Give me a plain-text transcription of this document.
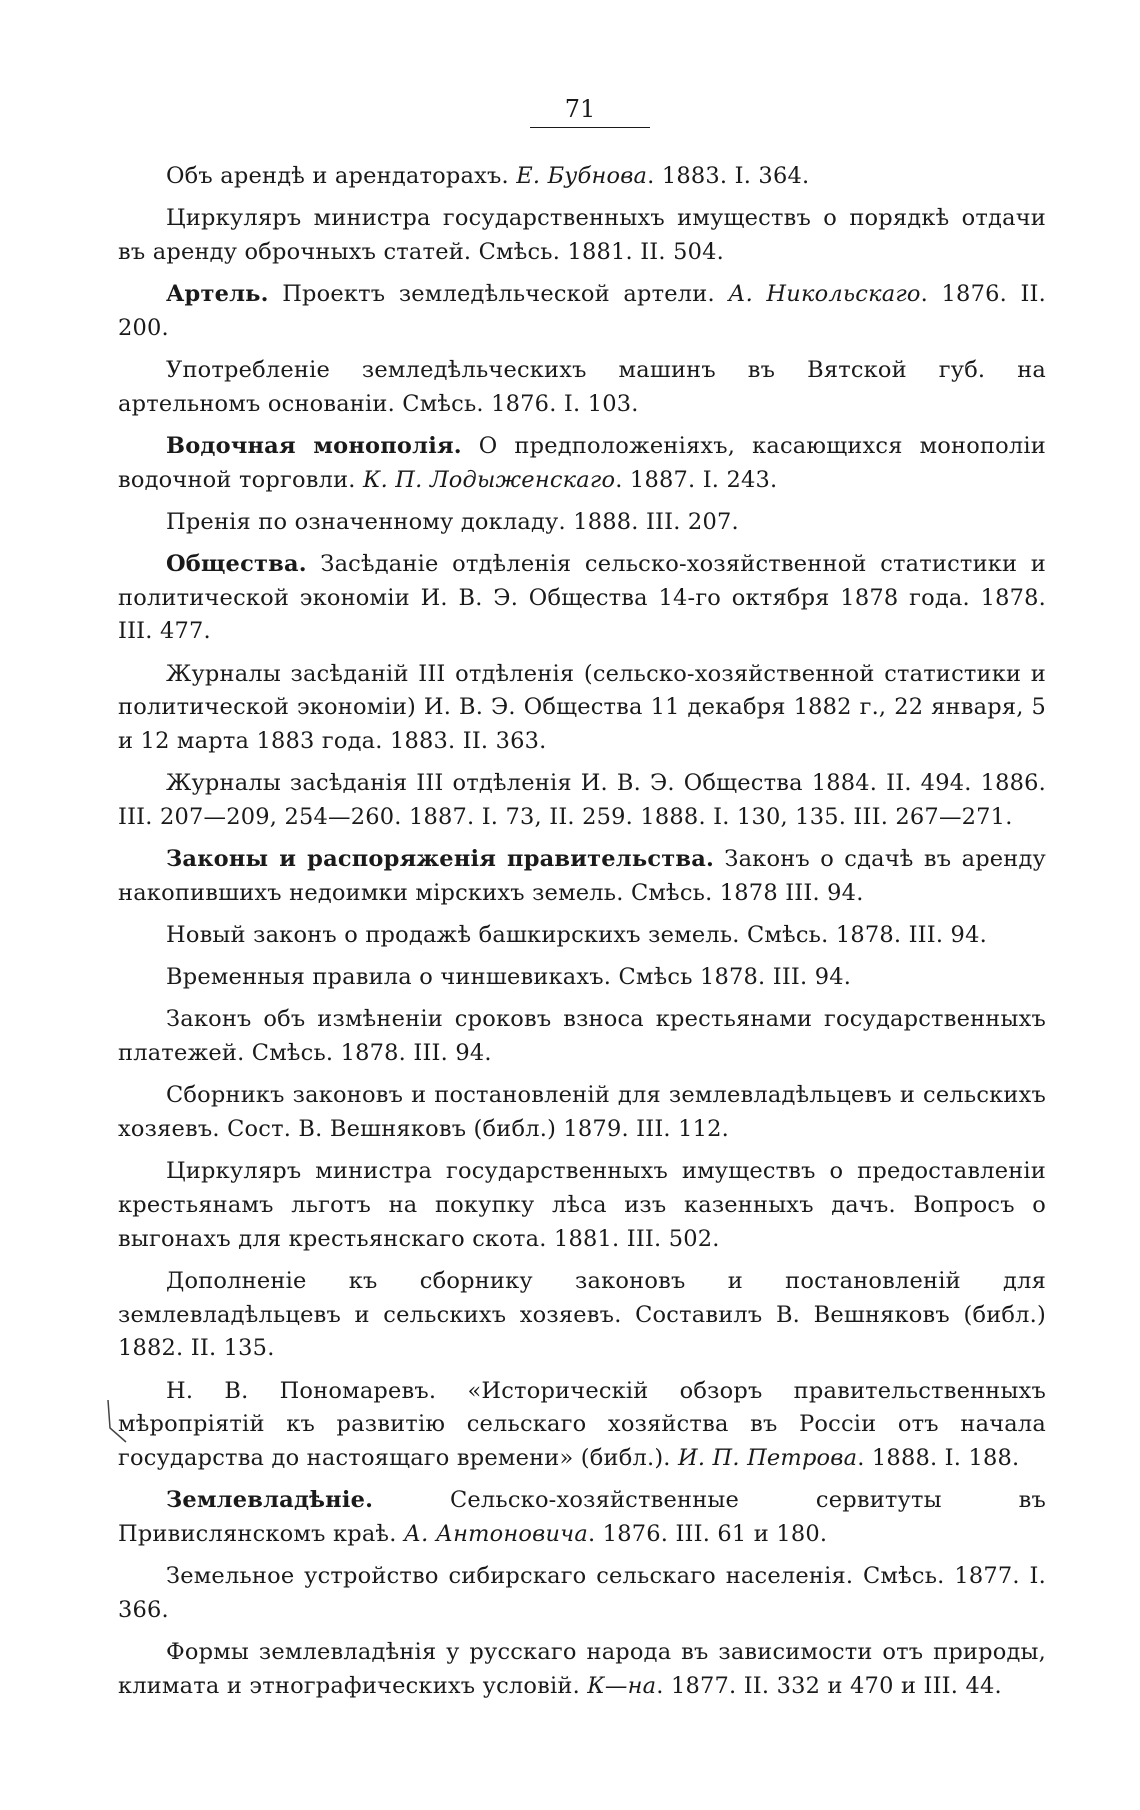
71

Объ арендѣ и арендаторахъ. Е. Бубнова. 1883. I. 364.

Циркуляръ министра государственныхъ имуществъ о порядкѣ отдачи въ аренду оброчныхъ статей. Смѣсь. 1881. II. 504.

Артель. Проектъ земледѣльческой артели. А. Никольскаго. 1876. II. 200.

Употребленіе земледѣльческихъ машинъ въ Вятской губ. на артельномъ основаніи. Смѣсь. 1876. I. 103.

Водочная монополія. О предположеніяхъ, касающихся монополіи водочной торговли. К. П. Лодыженскаго. 1887. I. 243.

Пренія по означенному докладу. 1888. III. 207.

Общества. Засѣданіе отдѣленія сельско-хозяйственной статистики и политической экономіи И. В. Э. Общества 14-го октября 1878 года. 1878. III. 477.

Журналы засѣданій III отдѣленія (сельско-хозяйственной статистики и политической экономіи) И. В. Э. Общества 11 декабря 1882 г., 22 января, 5 и 12 марта 1883 года. 1883. II. 363.

Журналы засѣданія III отдѣленія И. В. Э. Общества 1884. II. 494. 1886. III. 207—209, 254—260. 1887. I. 73, II. 259. 1888. I. 130, 135. III. 267—271.

Законы и распоряженія правительства. Законъ о сдачѣ въ аренду накопившихъ недоимки мірскихъ земель. Смѣсь. 1878 III. 94.

Новый законъ о продажѣ башкирскихъ земель. Смѣсь. 1878. III. 94.

Временныя правила о чиншевикахъ. Смѣсь 1878. III. 94.

Законъ объ измѣненіи сроковъ взноса крестьянами государственныхъ платежей. Смѣсь. 1878. III. 94.

Сборникъ законовъ и постановленій для землевладѣльцевъ и сельскихъ хозяевъ. Сост. В. Вешняковъ (библ.) 1879. III. 112.

Циркуляръ министра государственныхъ имуществъ о предоставленіи крестьянамъ льготъ на покупку лѣса изъ казенныхъ дачъ. Вопросъ о выгонахъ для крестьянскаго скота. 1881. III. 502.

Дополненіе къ сборнику законовъ и постановленій для землевладѣльцевъ и сельскихъ хозяевъ. Составилъ В. Вешняковъ (библ.) 1882. II. 135.

Н. В. Пономаревъ. «Историческій обзоръ правительственныхъ мѣропріятій къ развитію сельскаго хозяйства въ Россіи отъ начала государства до настоящаго времени» (библ.). И. П. Петрова. 1888. I. 188.

Землевладѣніе. Сельско-хозяйственные сервитуты въ Привислянскомъ краѣ. А. Антоновича. 1876. III. 61 и 180.

Земельное устройство сибирскаго сельскаго населенія. Смѣсь. 1877. I. 366.

Формы землевладѣнія у русскаго народа въ зависимости отъ природы, климата и этнографическихъ условій. К—на. 1877. II. 332 и 470 и III. 44.
